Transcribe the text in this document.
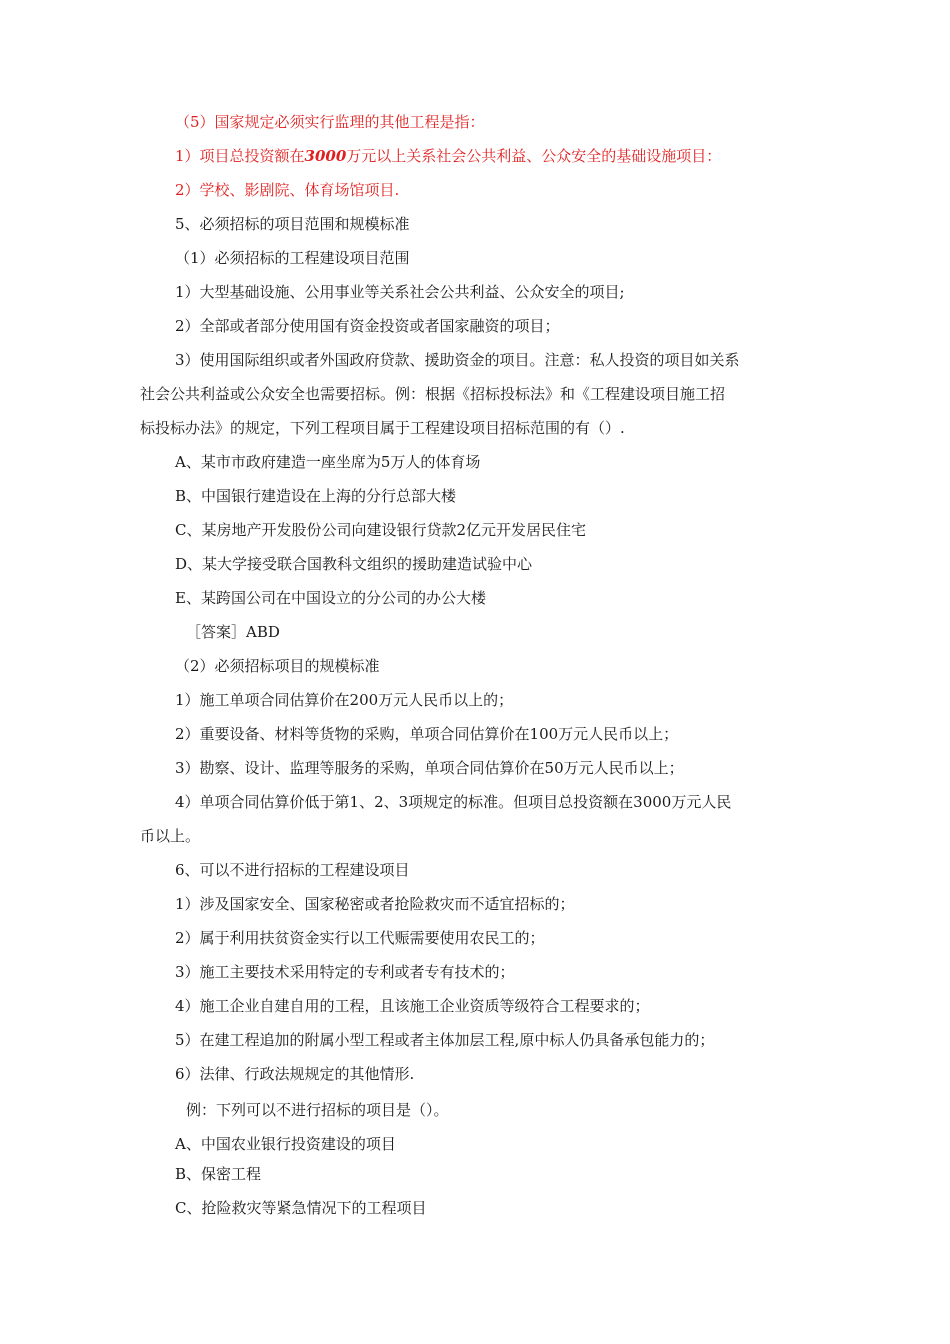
（5）国家规定必须实行监理的其他工程是指：
1）项目总投资额在3000万元以上关系社会公共利益、公众安全的基础设施项目：
2）学校、影剧院、体育场馆项目.
5、必须招标的项目范围和规模标准
（1）必须招标的工程建设项目范围
1）大型基础设施、公用事业等关系社会公共利益、公众安全的项目;
2）全部或者部分使用国有资金投资或者国家融资的项目；
3）使用国际组织或者外国政府贷款、援助资金的项目。注意：私人投资的项目如关系
社会公共利益或公众安全也需要招标。例：根据《招标投标法》和《工程建设项目施工招
标投标办法》的规定，下列工程项目属于工程建设项目招标范围的有（）.
A、某市市政府建造一座坐席为5万人的体育场
B、中国银行建造设在上海的分行总部大楼
C、某房地产开发股份公司向建设银行贷款2亿元开发居民住宅
D、某大学接受联合国教科文组织的援助建造试验中心
E、某跨国公司在中国设立的分公司的办公大楼
［答案］ABD
（2）必须招标项目的规模标准
1）施工单项合同估算价在200万元人民币以上的；
2）重要设备、材料等货物的采购，单项合同估算价在100万元人民币以上；
3）勘察、设计、监理等服务的采购，单项合同估算价在50万元人民币以上；
4）单项合同估算价低于第1、2、3项规定的标准。但项目总投资额在3000万元人民
币以上。
6、可以不进行招标的工程建设项目
1）涉及国家安全、国家秘密或者抢险救灾而不适宜招标的；
2）属于利用扶贫资金实行以工代赈需要使用农民工的；
3）施工主要技术采用特定的专利或者专有技术的；
4）施工企业自建自用的工程，且该施工企业资质等级符合工程要求的；
5）在建工程追加的附属小型工程或者主体加层工程,原中标人仍具备承包能力的；
6）法律、行政法规规定的其他情形.
例：下列可以不进行招标的项目是（）。
A、中国农业银行投资建设的项目
B、保密工程
C、抢险救灾等紧急情况下的工程项目
